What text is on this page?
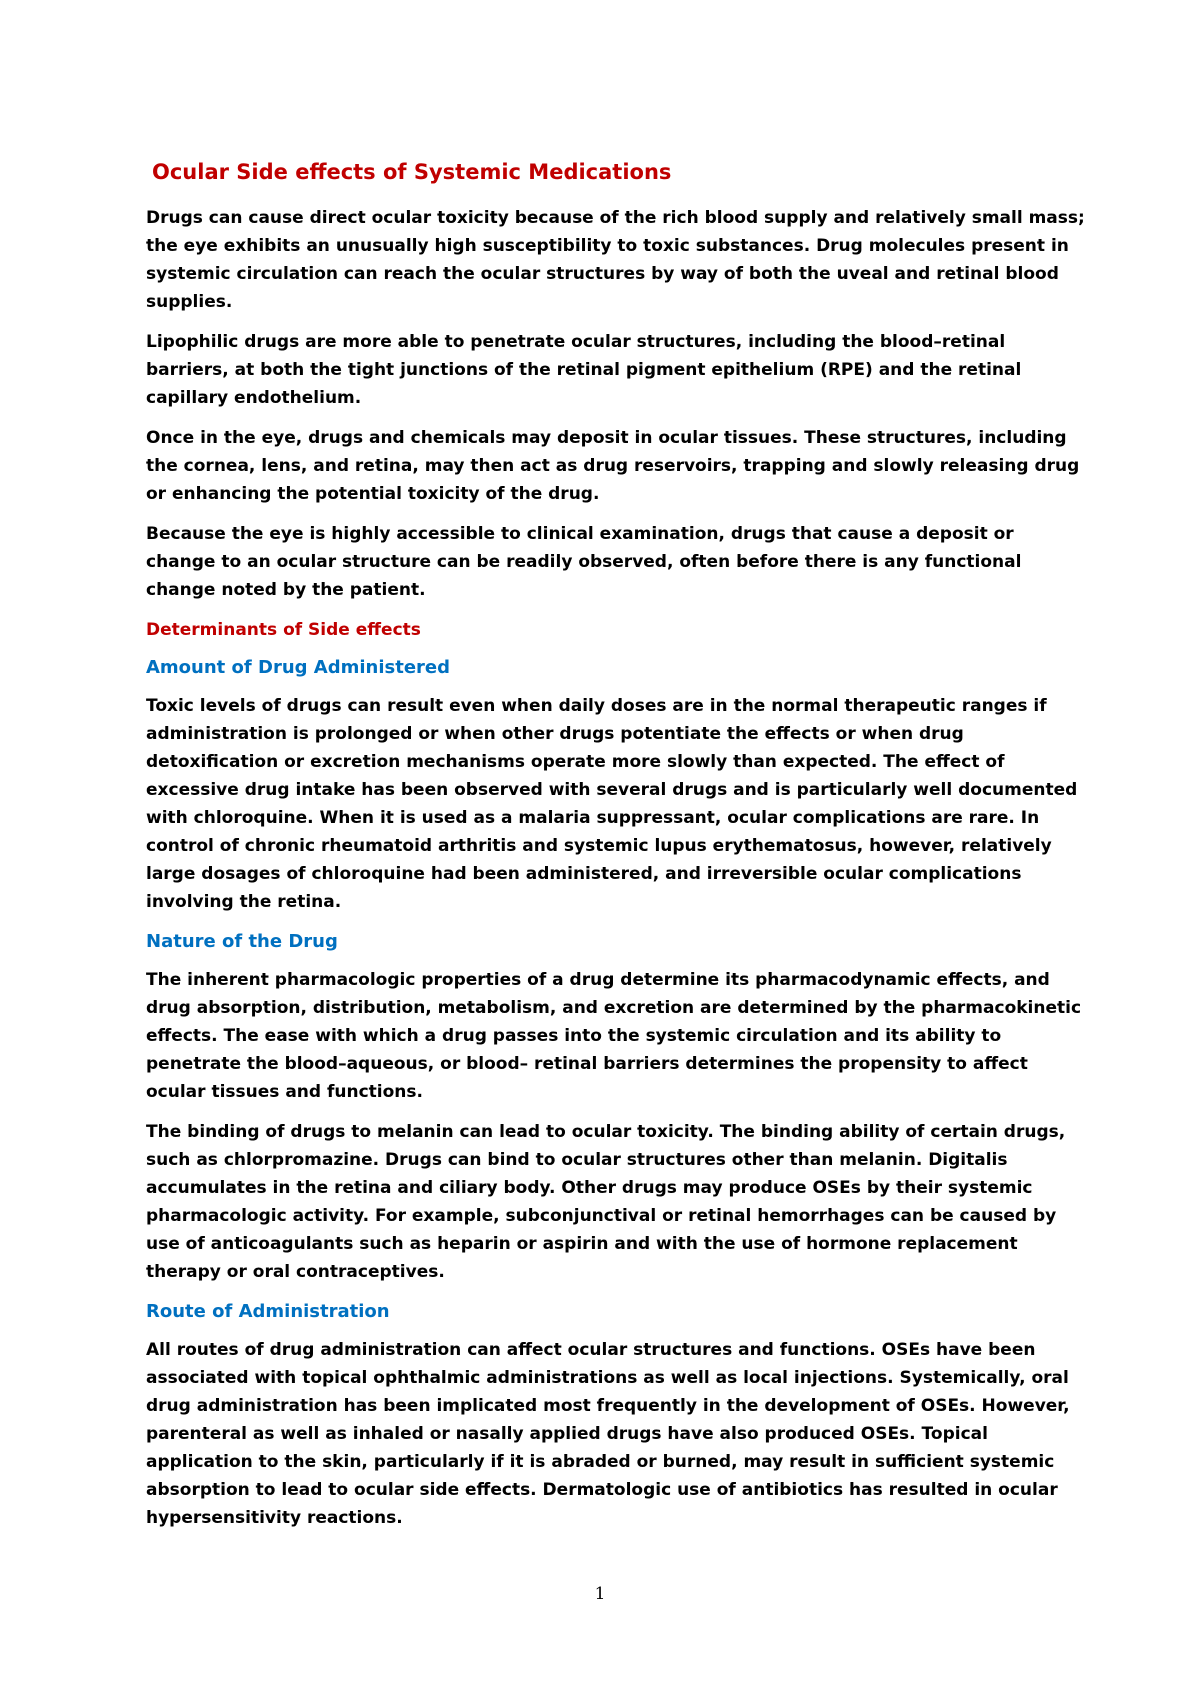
Ocular Side effects of Systemic Medications

Drugs can cause direct ocular toxicity because of the rich blood supply and relatively small mass; the eye exhibits an unusually high susceptibility to toxic substances. Drug molecules present in systemic circulation can reach the ocular structures by way of both the uveal and retinal blood supplies.

Lipophilic drugs are more able to penetrate ocular structures, including the blood–retinal barriers, at both the tight junctions of the retinal pigment epithelium (RPE) and the retinal capillary endothelium.

Once in the eye, drugs and chemicals may deposit in ocular tissues. These structures, including the cornea, lens, and retina, may then act as drug reservoirs, trapping and slowly releasing drug or enhancing the potential toxicity of the drug.

Because the eye is highly accessible to clinical examination, drugs that cause a deposit or change to an ocular structure can be readily observed, often before there is any functional change noted by the patient.

Determinants of Side effects
Amount of Drug Administered

Toxic levels of drugs can result even when daily doses are in the normal therapeutic ranges if administration is prolonged or when other drugs potentiate the effects or when drug detoxification or excretion mechanisms operate more slowly than expected. The effect of excessive drug intake has been observed with several drugs and is particularly well documented with chloroquine. When it is used as a malaria suppressant, ocular complications are rare. In control of chronic rheumatoid arthritis and systemic lupus erythematosus, however, relatively large dosages of chloroquine had been administered, and irreversible ocular complications involving the retina.

Nature of the Drug

The inherent pharmacologic properties of a drug determine its pharmacodynamic effects, and drug absorption, distribution, metabolism, and excretion are determined by the pharmacokinetic effects. The ease with which a drug passes into the systemic circulation and its ability to penetrate the blood–aqueous, or blood– retinal barriers determines the propensity to affect ocular tissues and functions.

The binding of drugs to melanin can lead to ocular toxicity. The binding ability of certain drugs, such as chlorpromazine. Drugs can bind to ocular structures other than melanin. Digitalis accumulates in the retina and ciliary body. Other drugs may produce OSEs by their systemic pharmacologic activity. For example, subconjunctival or retinal hemorrhages can be caused by use of anticoagulants such as heparin or aspirin and with the use of hormone replacement therapy or oral contraceptives.

Route of Administration

All routes of drug administration can affect ocular structures and functions. OSEs have been associated with topical ophthalmic administrations as well as local injections. Systemically, oral drug administration has been implicated most frequently in the development of OSEs. However, parenteral as well as inhaled or nasally applied drugs have also produced OSEs. Topical application to the skin, particularly if it is abraded or burned, may result in sufficient systemic absorption to lead to ocular side effects. Dermatologic use of antibiotics has resulted in ocular hypersensitivity reactions.

1
